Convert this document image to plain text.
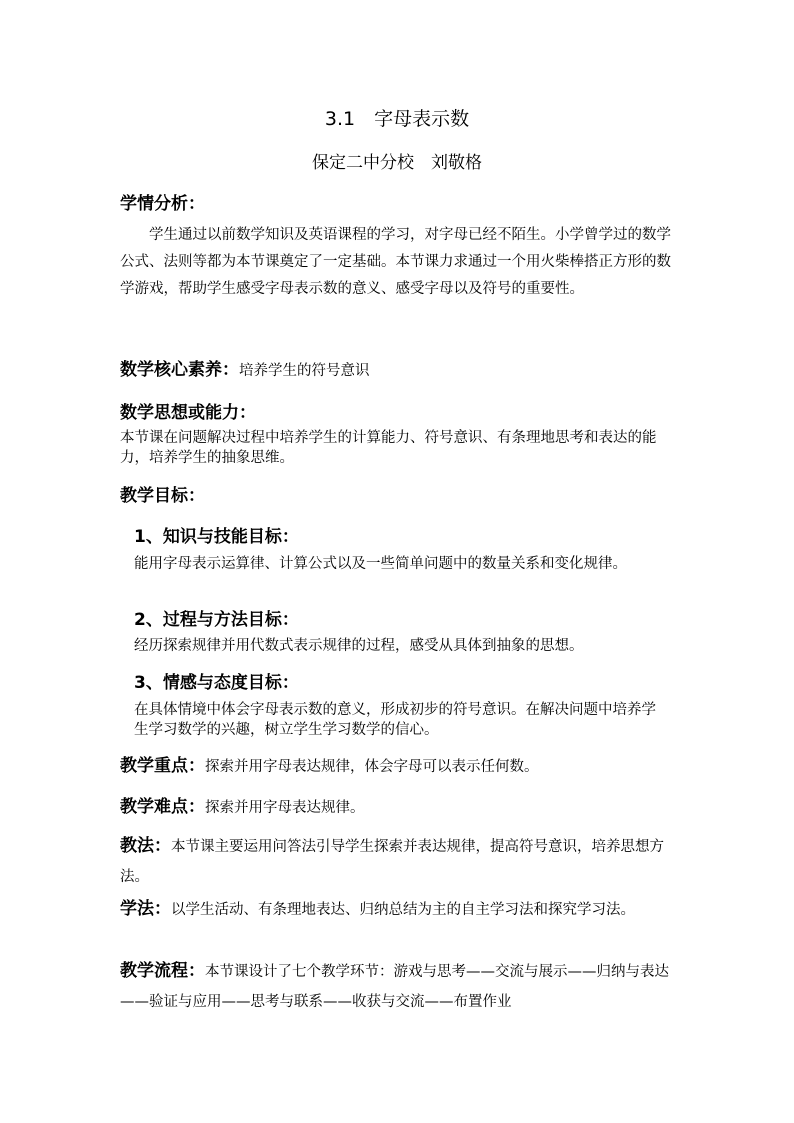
3.1　字母表示数
保定二中分校　刘敬格
学情分析：
学生通过以前数学知识及英语课程的学习，对字母已经不陌生。小学曾学过的数学公式、法则等都为本节课奠定了一定基础。本节课力求通过一个用火柴棒搭正方形的数学游戏，帮助学生感受字母表示数的意义、感受字母以及符号的重要性。
数学核心素养：培养学生的符号意识
数学思想或能力：
本节课在问题解决过程中培养学生的计算能力、符号意识、有条理地思考和表达的能力，培养学生的抽象思维。
教学目标：
1、知识与技能目标：
能用字母表示运算律、计算公式以及一些简单问题中的数量关系和变化规律。
2、过程与方法目标：
经历探索规律并用代数式表示规律的过程，感受从具体到抽象的思想。
3、情感与态度目标：
在具体情境中体会字母表示数的意义，形成初步的符号意识。在解决问题中培养学生学习数学的兴趣，树立学生学习数学的信心。
教学重点：探索并用字母表达规律，体会字母可以表示任何数。
教学难点：探索并用字母表达规律。
教法：本节课主要运用问答法引导学生探索并表达规律，提高符号意识，培养思想方法。
学法：以学生活动、有条理地表达、归纳总结为主的自主学习法和探究学习法。
教学流程：本节课设计了七个教学环节：游戏与思考——交流与展示——归纳与表达——验证与应用——思考与联系——收获与交流——布置作业
